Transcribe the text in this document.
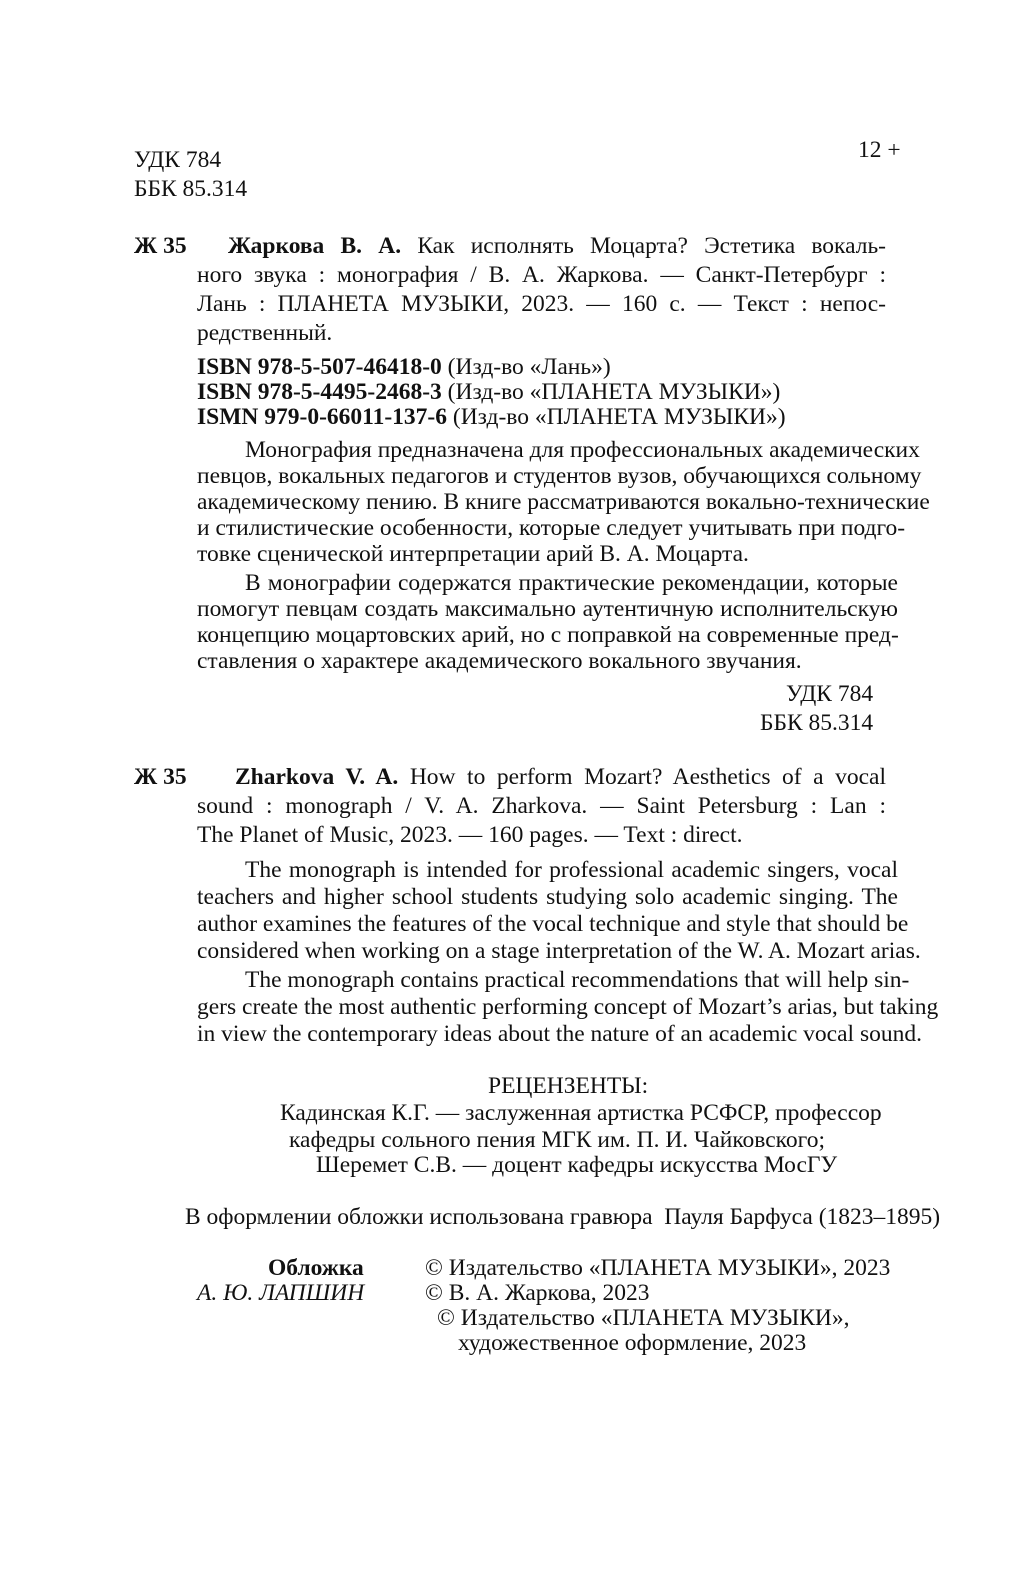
УДК 784
ББК 85.314
12 +
Ж 35 Жаркова В. А. Как исполнять Моцарта? Эстетика вокаль-
ного звука : монография / В. А. Жаркова. — Санкт-Петербург :
Лань : ПЛАНЕТА МУЗЫКИ, 2023. — 160 с. — Текст : непос-
редственный.
ISBN 978-5-507-46418-0 (Изд-во «Лань»)
ISBN 978-5-4495-2468-3 (Изд-во «ПЛАНЕТА МУЗЫКИ»)
ISMN 979-0-66011-137-6 (Изд-во «ПЛАНЕТА МУЗЫКИ»)
Монография предназначена для профессиональных академических
певцов, вокальных педагогов и студентов вузов, обучающихся сольному
академическому пению. В книге рассматриваются вокально-технические
и стилистические особенности, которые следует учитывать при подго-
товке сценической интерпретации арий В. А. Моцарта.
В монографии содержатся практические рекомендации, которые
помогут певцам создать максимально аутентичную исполнительскую
концепцию моцартовских арий, но с поправкой на современные пред-
ставления о характере академического вокального звучания.
УДК 784
ББК 85.314
Ж 35 Zharkova V. A. How to perform Mozart? Aesthetics of a vocal
sound : monograph / V. A. Zharkova. — Saint Petersburg : Lan :
The Planet of Music, 2023. — 160 pages. — Text : direct.
The monograph is intended for professional academic singers, vocal
teachers and higher school students studying solo academic singing. The
author examines the features of the vocal technique and style that should be
considered when working on a stage interpretation of the W. A. Mozart arias.
The monograph contains practical recommendations that will help sin-
gers create the most authentic performing concept of Mozart’s arias, but taking
in view the contemporary ideas about the nature of an academic vocal sound.
РЕЦЕНЗЕНТЫ:
Кадинская К.Г. — заслуженная артистка РСФСР, профессор
кафедры сольного пения МГК им. П. И. Чайковского;
Шеремет С.В. — доцент кафедры искусства МосГУ
В оформлении обложки использована гравюра  Пауля Барфуса (1823–1895)
Обложка
А. Ю. ЛАПШИН
© Издательство «ПЛАНЕТА МУЗЫКИ», 2023
© В. А. Жаркова, 2023
© Издательство «ПЛАНЕТА МУЗЫКИ»,
художественное оформление, 2023
